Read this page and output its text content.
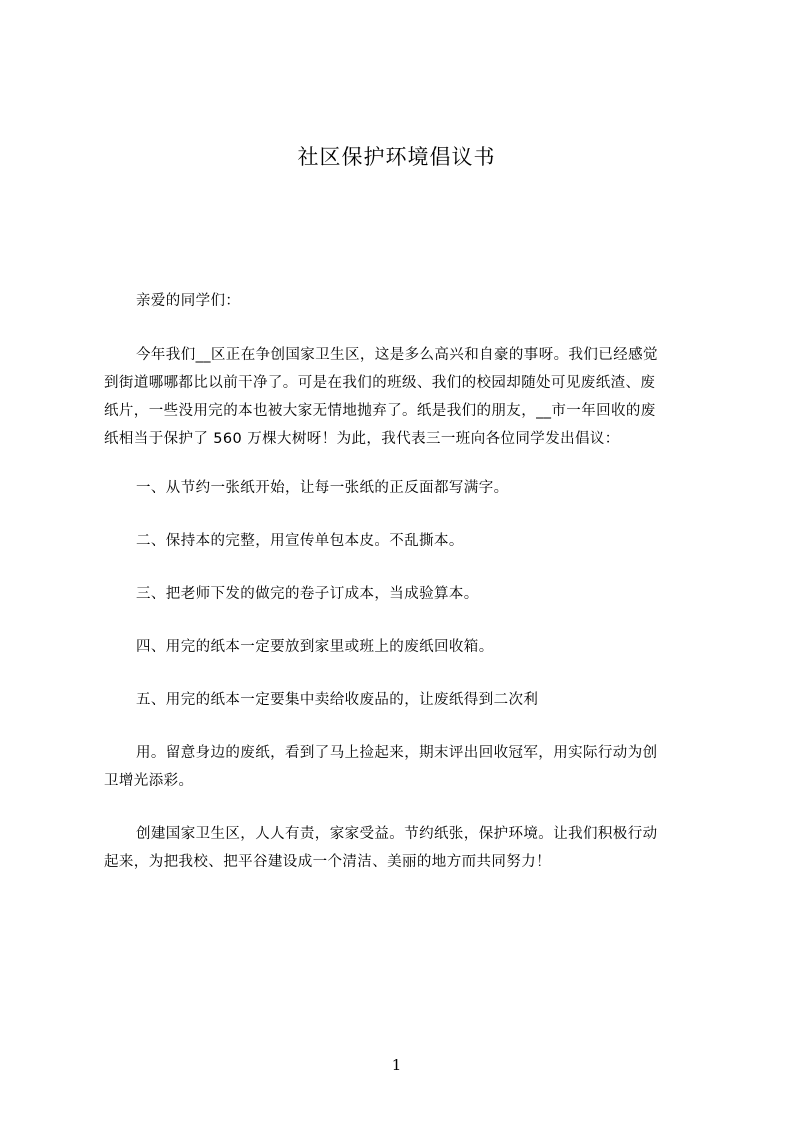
社区保护环境倡议书

亲爱的同学们：

今年我们__区正在争创国家卫生区，这是多么高兴和自豪的事呀。我们已经感觉
到街道哪哪都比以前干净了。可是在我们的班级、我们的校园却随处可见废纸渣、废
纸片，一些没用完的本也被大家无情地抛弃了。纸是我们的朋友，__市一年回收的废
纸相当于保护了 560 万棵大树呀！为此，我代表三一班向各位同学发出倡议：

一、从节约一张纸开始，让每一张纸的正反面都写满字。

二、保持本的完整，用宣传单包本皮。不乱撕本。

三、把老师下发的做完的卷子订成本，当成验算本。

四、用完的纸本一定要放到家里或班上的废纸回收箱。

五、用完的纸本一定要集中卖给收废品的，让废纸得到二次利

用。留意身边的废纸，看到了马上捡起来，期末评出回收冠军，用实际行动为创
卫增光添彩。
创建国家卫生区，人人有责，家家受益。节约纸张，保护环境。让我们积极行动
起来，为把我校、把平谷建设成一个清洁、美丽的地方而共同努力！
1
